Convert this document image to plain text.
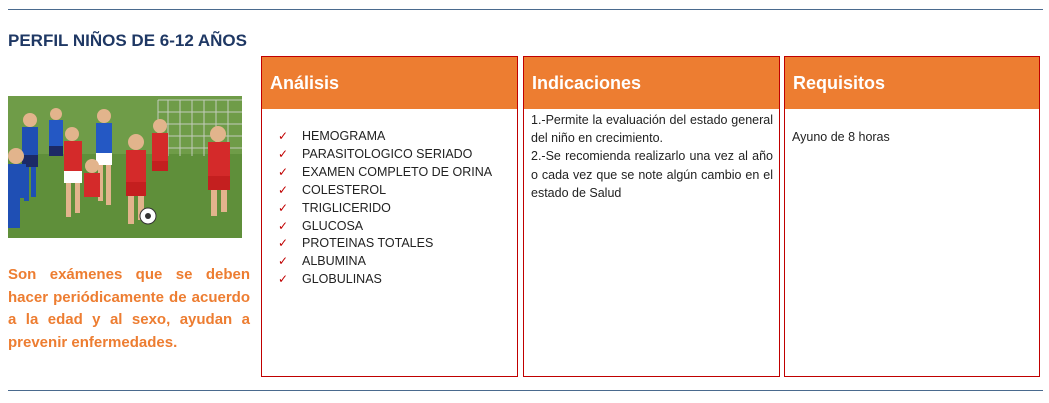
PERFIL NIÑOS DE 6-12 AÑOS

Son exámenes que se deben hacer periódicamente de acuerdo a la edad y al sexo, ayudan a prevenir enfermedades.

Análisis
✓ HEMOGRAMA
✓ PARASITOLOGICO SERIADO
✓ EXAMEN COMPLETO DE ORINA
✓ COLESTEROL
✓ TRIGLICERIDO
✓ GLUCOSA
✓ PROTEINAS TOTALES
✓ ALBUMINA
✓ GLOBULINAS
Indicaciones

1.-Permite la evaluación del estado general del niño en crecimiento.

2.-Se recomienda realizarlo una vez al año o cada vez que se note algún cambio en el estado de Salud

Requisitos
Ayuno de 8 horas
